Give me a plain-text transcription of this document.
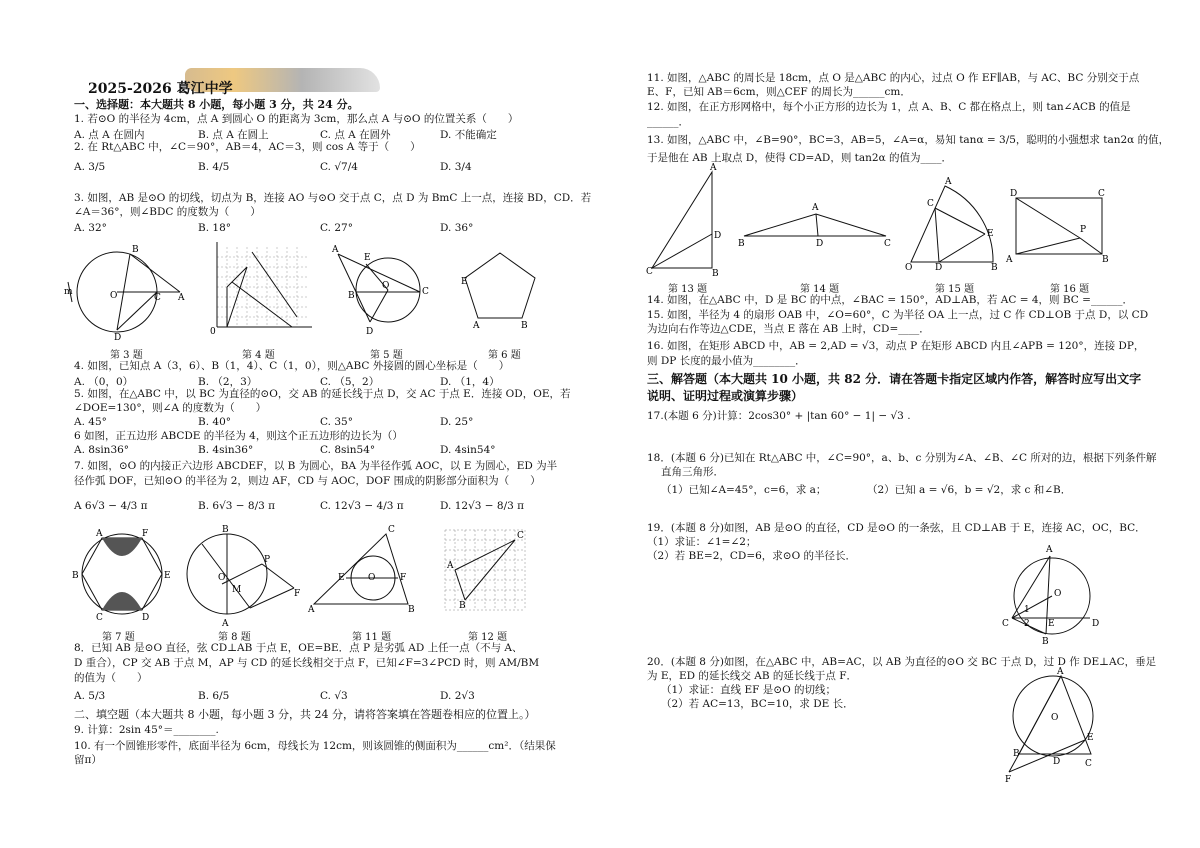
2025-2026 葛江中学
一、选择题：本大题共 8 小题，每小题 3 分，共 24 分。
1. 若⊙O 的半径为 4cm，点 A 到圆心 O 的距离为 3cm，那么点 A 与⊙O 的位置关系（　　）
A. 点 A 在圆内	B. 点 A 在圆上	C. 点 A 在圆外	D. 不能确定
2. 在 Rt△ABC 中，∠C＝90°，AB＝4，AC＝3，则 cos A 等于（　　）
A. 3/5	B. 4/5	C. √7/4	D. 3/4
3. 如图，AB 是⊙O 的切线，切点为 B，连接 AO 与⊙O 交于点 C，点 D 为 BmC 上一点，连接 BD，CD．若
∠A＝36°，则∠BDC 的度数为（　　）
A. 32°	B. 18°	C. 27°	D. 36°
m
B
O	C A
D
0
A
E
B
O
C
D
E
A	B
第 3 题	第 4 题	第 5 题	第 6 题
4. 如图，已知点 A（3，6）、B（1，4）、C（1，0），则△ABC 外接圆的圆心坐标是（　　）
A. （0，0）	B. （2，3）	C. （5，2）	D. （1，4）
5. 如图，在△ABC 中，以 BC 为直径的⊙O，交 AB 的延长线于点 D，交 AC 于点 E．连接 OD，OE，若
∠DOE=130°，则∠A 的度数为（　　）
A. 45°	B. 40°	C. 35°	D. 25°
6 如图，正五边形 ABCDE 的半径为 4，则这个正五边形的边长为（）
A. 8sin36°	B. 4sin36°	C. 8sin54°	D. 4sin54°
7. 如图，⊙O 的内接正六边形 ABCDEF，以 B 为圆心，BA 为半径作弧 AOC，以 E 为圆心，ED 为半
径作弧 DOF，已知⊙O 的半径为 2，则边 AF，CD 与 AOC，DOF 围成的阴影部分面积为（　　）
A 6√3 − 4/3 π	B. 6√3 − 8/3 π	C. 12√3 − 4/3 π	D. 12√3 − 8/3 π
A	F
B	E
C	D
B
O
M
P
F
A
C
E	F
O
A	B
A
C
B
第 7 题	第 8 题	第 11 题	第 12 题
8．已知 AB 是⊙O 直径，弦 CD⊥AB 于点 E，OE=BE．点 P 是劣弧 AD 上任一点（不与 A、
D 重合），CP 交 AB 于点 M，AP 与 CD 的延长线相交于点 F，已知∠F=3∠PCD 时，则 AM/BM
的值为（　　）
A. 5/3	B. 6/5	C. √3	D. 2√3
二、填空题（本大题共 8 小题，每小题 3 分，共 24 分，请将答案填在答题卷相应的位置上。）
9. 计算：2sin 45°＝________.
10. 有一个圆锥形零件，底面半径为 6cm，母线长为 12cm，则该圆锥的侧面积为______cm²．（结果保
留π）
11. 如图，△ABC 的周长是 18cm，点 O 是△ABC 的内心，过点 O 作 EF∥AB，与 AC、BC 分别交于点
E、F，已知 AB＝6cm，则△CEF 的周长为______cm．
12. 如图，在正方形网格中，每个小正方形的边长为 1，点 A、B、C 都在格点上，则 tan∠ACB 的值是
______．
13. 如图，△ABC 中，∠B=90°，BC=3，AB=5，∠A=α，易知 tanα = 3/5，聪明的小强想求 tan2α 的值，
于是他在 AB 上取点 D，使得 CD=AD，则 tan2α 的值为____．
A
D
C	B
A
B	D	C
A
C
E
O	D	B
D	C
P
A	B
第 13 题	第 14 题	第 15 题	第 16 题
14. 如图，在△ABC 中，D 是 BC 的中点，∠BAC = 150°，AD⊥AB，若 AC = 4，则 BC =______．
15. 如图，半径为 4 的扇形 OAB 中，∠O=60°，C 为半径 OA 上一点，过 C 作 CD⊥OB 于点 D，以 CD
为边向右作等边△CDE，当点 E 落在 AB 上时，CD=____．
16. 如图，在矩形 ABCD 中，AB = 2,AD = √3，动点 P 在矩形 ABCD 内且∠APB = 120°，连接 DP，
则 DP 长度的最小值为________．
三、解答题（本大题共 10 小题，共 82 分．请在答题卡指定区域内作答，解答时应写出文字
说明、证明过程或演算步骤）
17.(本题 6 分)计算：2cos30° + |tan 60° − 1| − √3 .
18．(本题 6 分)已知在 Rt△ABC 中，∠C=90°，a、b、c 分别为∠A、∠B、∠C 所对的边，根据下列条件解
直角三角形．
（1）已知∠A=45°，c=6，求 a；	（2）已知 a = √6，b = √2，求 c 和∠B．
19．(本题 8 分)如图，AB 是⊙O 的直径，CD 是⊙O 的一条弦，且 CD⊥AB 于 E，连接 AC，OC，BC．
（1）求证：∠1=∠2；
（2）若 BE=2，CD=6，求⊙O 的半径长．
20．(本题 8 分)如图，在△ABC 中，AB=AC，以 AB 为直径的⊙O 交 BC 于点 D，过 D 作 DE⊥AC，垂足
为 E，ED 的延长线交 AB 的延长线于点 F．
（1）求证：直线 EF 是⊙O 的切线；
（2）若 AC=13，BC=10，求 DE 长．
A
O
1
2
C	E	D
B
A
O
E
B
D	C
F
